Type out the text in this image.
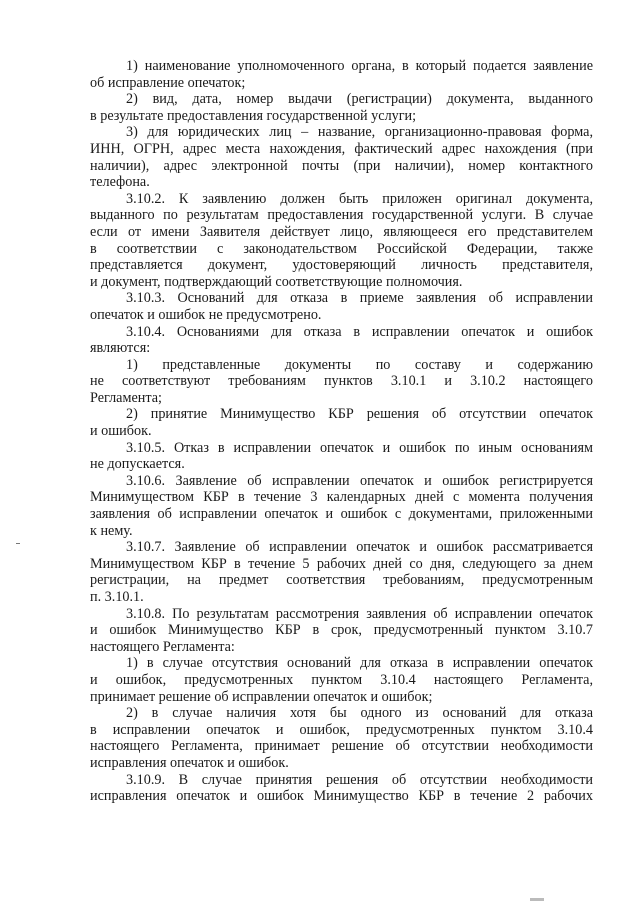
1) наименование уполномоченного органа, в который подается заявление
об исправление опечаток;
2) вид, дата, номер выдачи (регистрации) документа, выданного
в результате предоставления государственной услуги;
3) для юридических лиц – название, организационно-правовая форма,
ИНН, ОГРН, адрес места нахождения, фактический адрес нахождения (при
наличии), адрес электронной почты (при наличии), номер контактного
телефона.
3.10.2. К заявлению должен быть приложен оригинал документа,
выданного по результатам предоставления государственной услуги. В случае
если от имени Заявителя действует лицо, являющееся его представителем
в соответствии с законодательством Российской Федерации, также
представляется документ, удостоверяющий личность представителя,
и документ, подтверждающий соответствующие полномочия.
3.10.3. Оснований для отказа в приеме заявления об исправлении
опечаток и ошибок не предусмотрено.
3.10.4. Основаниями для отказа в исправлении опечаток и ошибок
являются:
1) представленные документы по составу и содержанию
не соответствуют требованиям пунктов 3.10.1 и 3.10.2 настоящего
Регламента;
2) принятие Минимущество КБР решения об отсутствии опечаток
и ошибок.
3.10.5. Отказ в исправлении опечаток и ошибок по иным основаниям
не допускается.
3.10.6. Заявление об исправлении опечаток и ошибок регистрируется
Минимуществом КБР в течение 3 календарных дней с момента получения
заявления об исправлении опечаток и ошибок с документами, приложенными
к нему.
3.10.7. Заявление об исправлении опечаток и ошибок рассматривается
Минимуществом КБР в течение 5 рабочих дней со дня, следующего за днем
регистрации, на предмет соответствия требованиям, предусмотренным
п. 3.10.1.
3.10.8. По результатам рассмотрения заявления об исправлении опечаток
и ошибок Минимущество КБР в срок, предусмотренный пунктом 3.10.7
настоящего Регламента:
1) в случае отсутствия оснований для отказа в исправлении опечаток
и ошибок, предусмотренных пунктом 3.10.4 настоящего Регламента,
принимает решение об исправлении опечаток и ошибок;
2) в случае наличия хотя бы одного из оснований для отказа
в исправлении опечаток и ошибок, предусмотренных пунктом 3.10.4
настоящего Регламента, принимает решение об отсутствии необходимости
исправления опечаток и ошибок.
3.10.9. В случае принятия решения об отсутствии необходимости
исправления опечаток и ошибок Минимущество КБР в течение 2 рабочих
